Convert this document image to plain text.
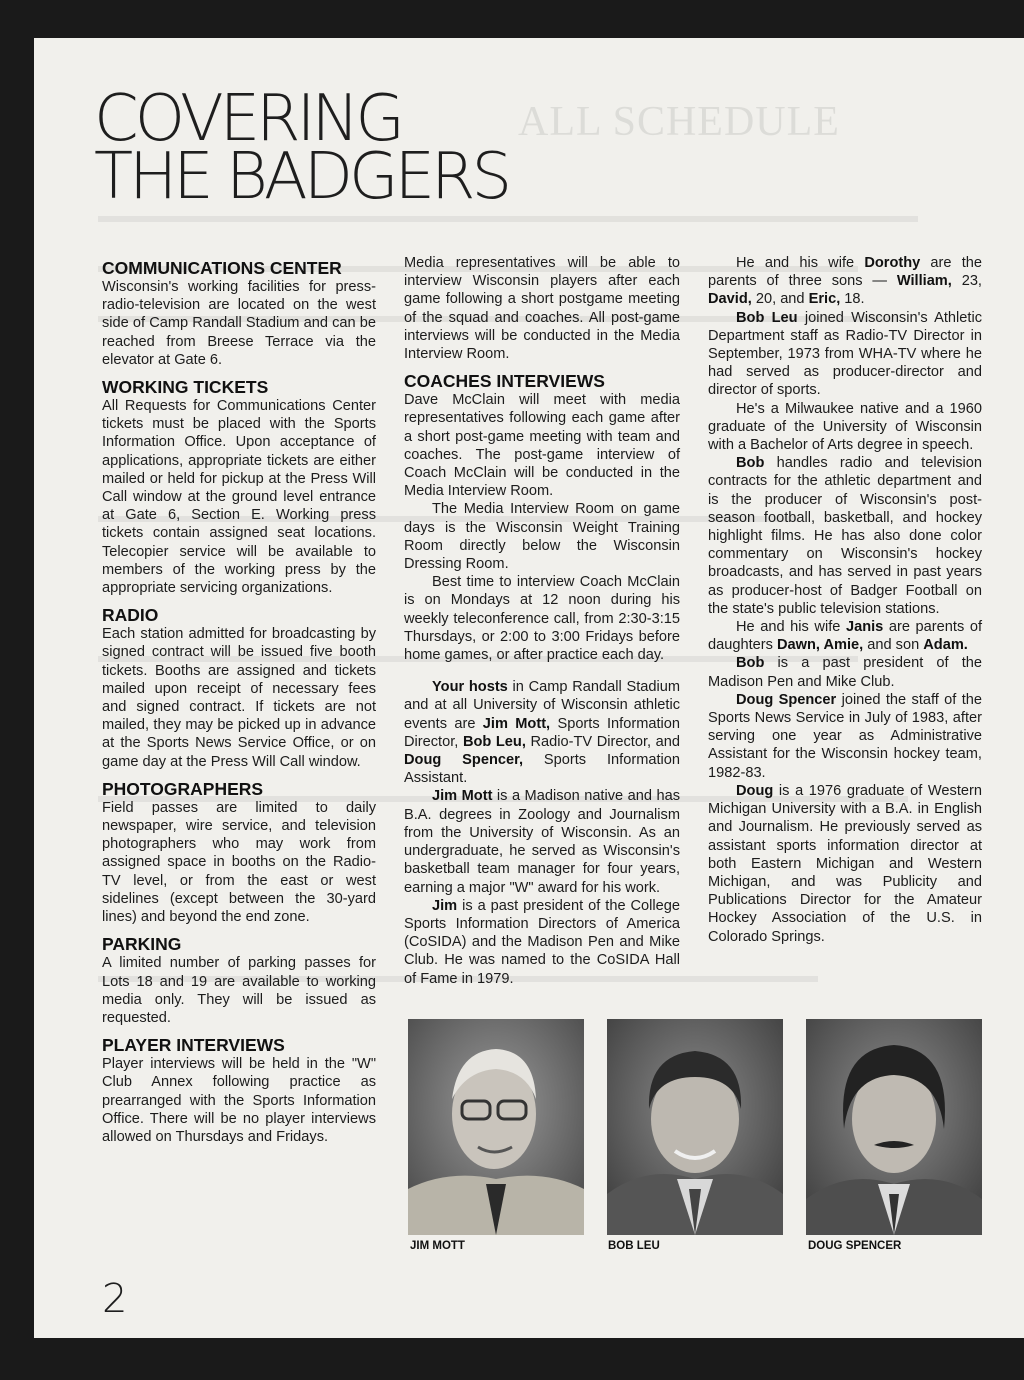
ALL SCHEDULE
COVERING
THE BADGERS
COMMUNICATIONS CENTER

Wisconsin's working facilities for press-radio-television are located on the west side of Camp Randall Stadium and can be reached from Breese Terrace via the elevator at Gate 6.

WORKING TICKETS

All Requests for Communications Center tickets must be placed with the Sports Information Office. Upon acceptance of applications, appropriate tickets are either mailed or held for pickup at the Press Will Call window at the ground level entrance at Gate 6, Section E. Working press tickets contain assigned seat locations. Telecopier service will be available to members of the working press by the appropriate servicing organizations.

RADIO

Each station admitted for broadcasting by signed contract will be issued five booth tickets. Booths are assigned and tickets mailed upon receipt of necessary fees and signed contract. If tickets are not mailed, they may be picked up in advance at the Sports News Service Office, or on game day at the Press Will Call window.

PHOTOGRAPHERS

Field passes are limited to daily newspaper, wire service, and television photographers who may work from assigned space in booths on the Radio-TV level, or from the east or west sidelines (except between the 30-yard lines) and beyond the end zone.

PARKING

A limited number of parking passes for Lots 18 and 19 are available to working media only. They will be issued as requested.

PLAYER INTERVIEWS

Player interviews will be held in the "W" Club Annex following practice as prearranged with the Sports Information Office. There will be no player interviews allowed on Thursdays and Fridays.

Media representatives will be able to interview Wisconsin players after each game following a short postgame meeting of the squad and coaches. All post-game interviews will be conducted in the Media Interview Room.

COACHES INTERVIEWS

Dave McClain will meet with media representatives following each game after a short post-game meeting with team and coaches. The post-game interview of Coach McClain will be conducted in the Media Interview Room.

The Media Interview Room on game days is the Wisconsin Weight Training Room directly below the Wisconsin Dressing Room.

Best time to interview Coach McClain is on Mondays at 12 noon during his weekly teleconference call, from 2:30-3:15 Thursdays, or 2:00 to 3:00 Fridays before home games, or after practice each day.

Your hosts in Camp Randall Stadium and at all University of Wisconsin athletic events are Jim Mott, Sports Information Director, Bob Leu, Radio-TV Director, and Doug Spencer, Sports Information Assistant.

Jim Mott is a Madison native and has B.A. degrees in Zoology and Journalism from the University of Wisconsin. As an undergraduate, he served as Wisconsin's basketball team manager for four years, earning a major "W" award for his work.

Jim is a past president of the College Sports Information Directors of America (CoSIDA) and the Madison Pen and Mike Club. He was named to the CoSIDA Hall of Fame in 1979.

He and his wife Dorothy are the parents of three sons — William, 23, David, 20, and Eric, 18.

Bob Leu joined Wisconsin's Athletic Department staff as Radio-TV Director in September, 1973 from WHA-TV where he had served as producer-director and director of sports.

He's a Milwaukee native and a 1960 graduate of the University of Wisconsin with a Bachelor of Arts degree in speech.

Bob handles radio and television contracts for the athletic department and is the producer of Wisconsin's post-season football, basketball, and hockey highlight films. He has also done color commentary on Wisconsin's hockey broadcasts, and has served in past years as producer-host of Badger Football on the state's public television stations.

He and his wife Janis are parents of daughters Dawn, Amie, and son Adam.

Bob is a past president of the Madison Pen and Mike Club.

Doug Spencer joined the staff of the Sports News Service in July of 1983, after serving one year as Administrative Assistant for the Wisconsin hockey team, 1982-83.

Doug is a 1976 graduate of Western Michigan University with a B.A. in English and Journalism. He previously served as assistant sports information director at both Eastern Michigan and Western Michigan, and was Publicity and Publications Director for the Amateur Hockey Association of the U.S. in Colorado Springs.

JIM MOTT	BOB LEU	DOUG SPENCER
2
